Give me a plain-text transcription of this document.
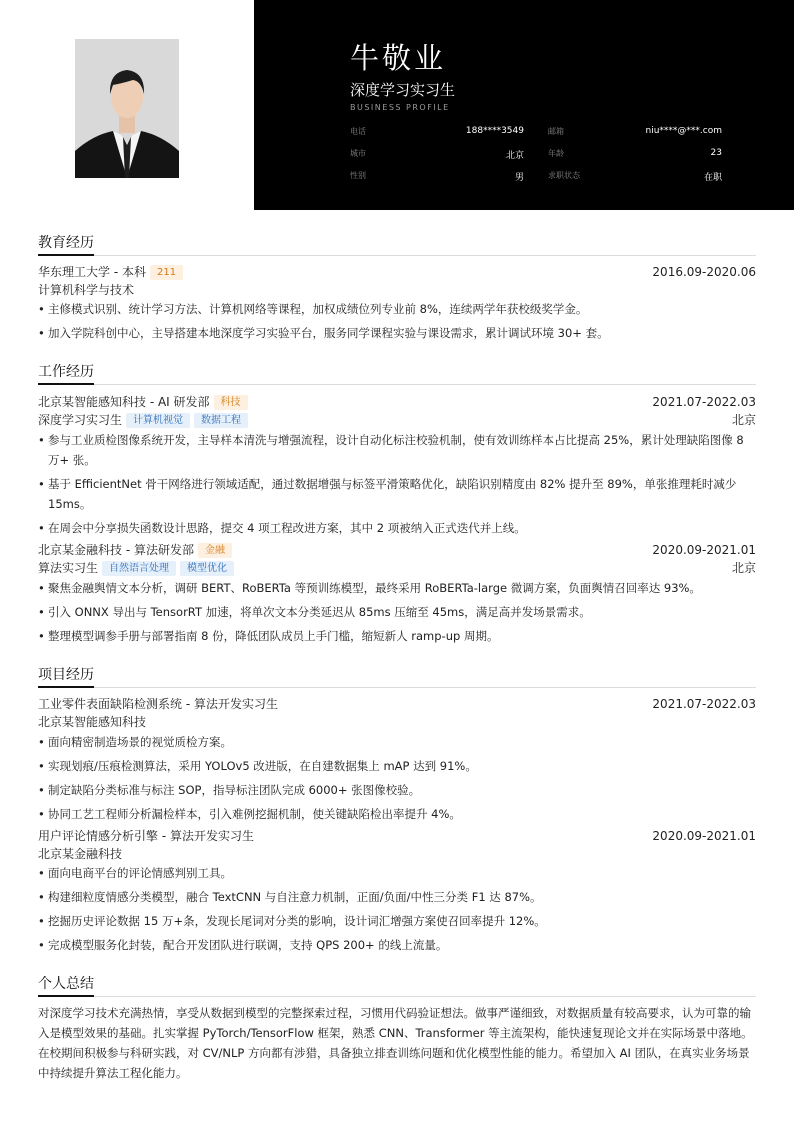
牛敬业
深度学习实习生
BUSINESS PROFILE
电话	188****3549	邮箱	niu****@***.com
城市	北京	年龄	23
性别	男	求职状态	在职
教育经历
华东理工大学 - 本科 211	2016.09-2020.06
计算机科学与技术
• 主修模式识别、统计学习方法、计算机网络等课程，加权成绩位列专业前 8%，连续两学年获校级奖学金。
• 加入学院科创中心，主导搭建本地深度学习实验平台，服务同学课程实验与课设需求，累计调试环境 30+ 套。
工作经历
北京某智能感知科技 - AI 研发部 科技	2021.07-2022.03
深度学习实习生 计算机视觉 数据工程	北京
• 参与工业质检图像系统开发，主导样本清洗与增强流程，设计自动化标注校验机制，使有效训练样本占比提高 25%，累计处理缺陷图像 8 万+ 张。
• 基于 EfficientNet 骨干网络进行领域适配，通过数据增强与标签平滑策略优化，缺陷识别精度由 82% 提升至 89%，单张推理耗时减少 15ms。
• 在周会中分享损失函数设计思路，提交 4 项工程改进方案，其中 2 项被纳入正式迭代并上线。
北京某金融科技 - 算法研发部 金融	2020.09-2021.01
算法实习生 自然语言处理 模型优化	北京
• 聚焦金融舆情文本分析，调研 BERT、RoBERTa 等预训练模型，最终采用 RoBERTa-large 微调方案，负面舆情召回率达 93%。
• 引入 ONNX 导出与 TensorRT 加速，将单次文本分类延迟从 85ms 压缩至 45ms，满足高并发场景需求。
• 整理模型调参手册与部署指南 8 份，降低团队成员上手门槛，缩短新人 ramp-up 周期。
项目经历
工业零件表面缺陷检测系统 - 算法开发实习生	2021.07-2022.03
北京某智能感知科技
• 面向精密制造场景的视觉质检方案。
• 实现划痕/压痕检测算法，采用 YOLOv5 改进版，在自建数据集上 mAP 达到 91%。
• 制定缺陷分类标准与标注 SOP，指导标注团队完成 6000+ 张图像校验。
• 协同工艺工程师分析漏检样本，引入难例挖掘机制，使关键缺陷检出率提升 4%。
用户评论情感分析引擎 - 算法开发实习生	2020.09-2021.01
北京某金融科技
• 面向电商平台的评论情感判别工具。
• 构建细粒度情感分类模型，融合 TextCNN 与自注意力机制，正面/负面/中性三分类 F1 达 87%。
• 挖掘历史评论数据 15 万+条，发现长尾词对分类的影响，设计词汇增强方案使召回率提升 12%。
• 完成模型服务化封装，配合开发团队进行联调，支持 QPS 200+ 的线上流量。
个人总结
对深度学习技术充满热情，享受从数据到模型的完整探索过程，习惯用代码验证想法。做事严谨细致，对数据质量有较高要求，认为可靠的输入是模型效果的基础。扎实掌握 PyTorch/TensorFlow 框架，熟悉 CNN、Transformer 等主流架构，能快速复现论文并在实际场景中落地。在校期间积极参与科研实践，对 CV/NLP 方向都有涉猎，具备独立排查训练问题和优化模型性能的能力。希望加入 AI 团队，在真实业务场景中持续提升算法工程化能力。
